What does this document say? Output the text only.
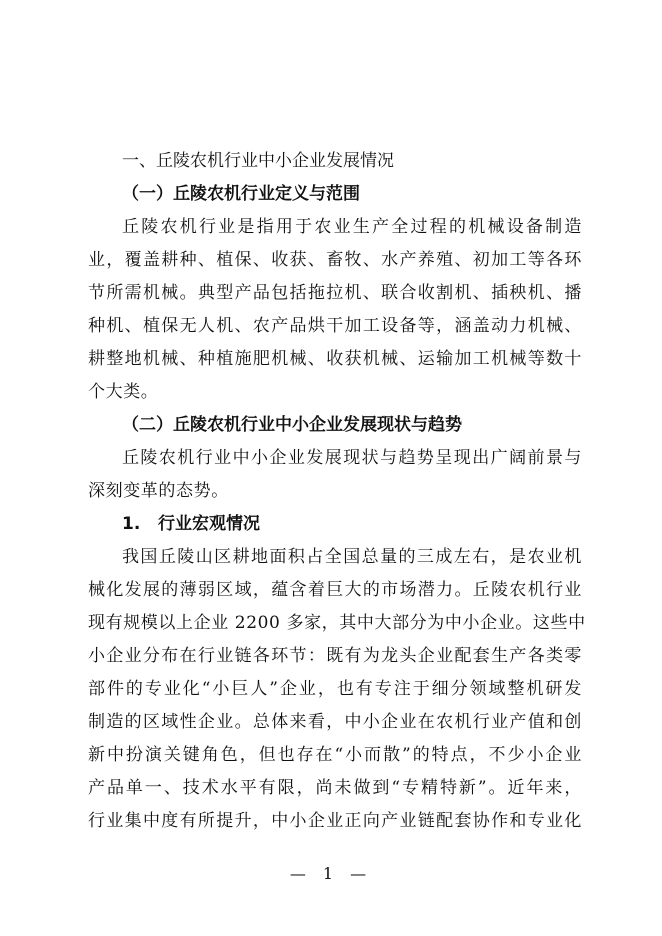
一、丘陵农机行业中小企业发展情况
（一）丘陵农机行业定义与范围
丘陵农机行业是指用于农业生产全过程的机械设备制造
业，覆盖耕种、植保、收获、畜牧、水产养殖、初加工等各环
节所需机械。典型产品包括拖拉机、联合收割机、插秧机、播
种机、植保无人机、农产品烘干加工设备等，涵盖动力机械、
耕整地机械、种植施肥机械、收获机械、运输加工机械等数十
个大类。
（二）丘陵农机行业中小企业发展现状与趋势
丘陵农机行业中小企业发展现状与趋势呈现出广阔前景与
深刻变革的态势。
1. 行业宏观情况
我国丘陵山区耕地面积占全国总量的三成左右，是农业机
械化发展的薄弱区域，蕴含着巨大的市场潜力。丘陵农机行业
现有规模以上企业 2200 多家，其中大部分为中小企业。这些中
小企业分布在行业链各环节：既有为龙头企业配套生产各类零
部件的专业化“小巨人”企业，也有专注于细分领域整机研发
制造的区域性企业。总体来看，中小企业在农机行业产值和创
新中扮演关键角色，但也存在“小而散”的特点，不少小企业
产品单一、技术水平有限，尚未做到“专精特新”。近年来，
行业集中度有所提升，中小企业正向产业链配套协作和专业化
— 1 —
